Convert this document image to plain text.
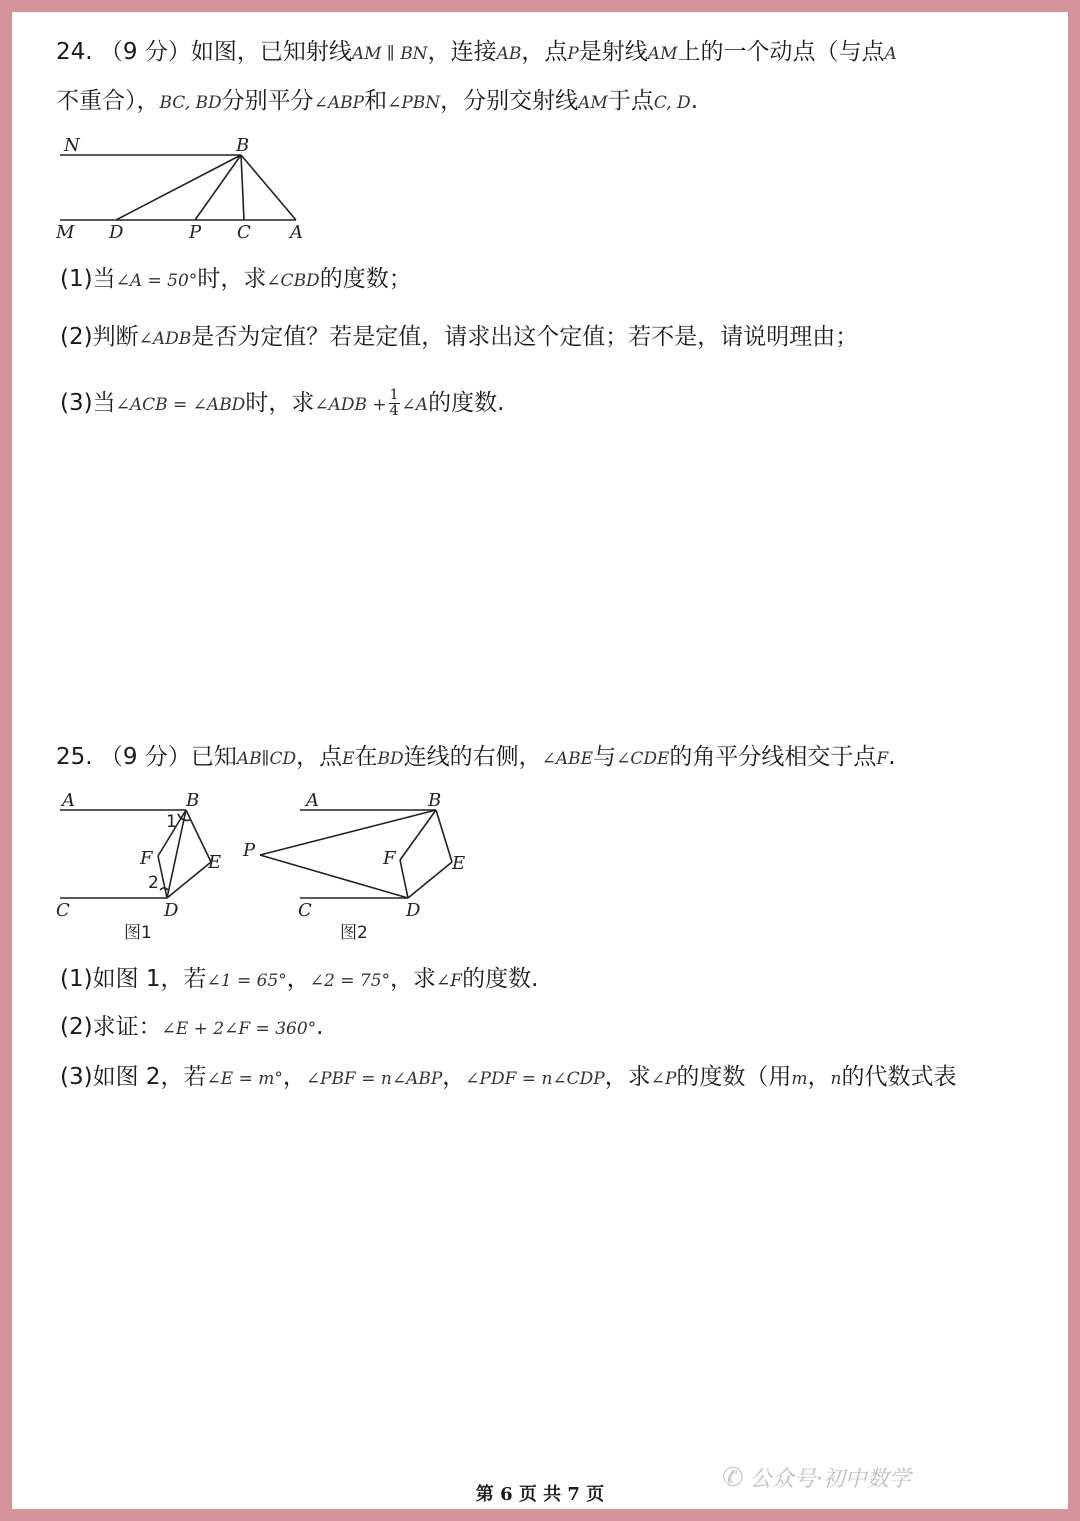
24. （9 分）如图，已知射线AM ∥ BN，连接AB，点P是射线AM上的一个动点（与点A
不重合），BC, BD分别平分∠ABP和∠PBN，分别交射线AM于点C, D.
N	B
M D	P C A
(1)当∠A = 50°时，求∠CBD的度数；
(2)判断∠ADB是否为定值？若是定值，请求出这个定值；若不是，请说明理由；
(3)当∠ACB = ∠ABD时，求∠ADB + $\frac{1}{4}$ ∠A的度数.
25. （9 分）已知AB∥CD，点E在BD连线的右侧，∠ABE与∠CDE的角平分线相交于点F.
A	B
1
F	E
2
C	D
图1
A	B
P	F	E
C	D
图2
(1)如图 1，若∠1 = 65°，∠2 = 75°，求∠F的度数.
(2)求证：∠E + 2∠F = 360°.
(3)如图 2，若∠E = m°，∠PBF = n∠ABP，∠PDF = n∠CDP，求∠P的度数（用m，n的代数式表
✆ 公众号·初中数学
第 6 页 共 7 页
